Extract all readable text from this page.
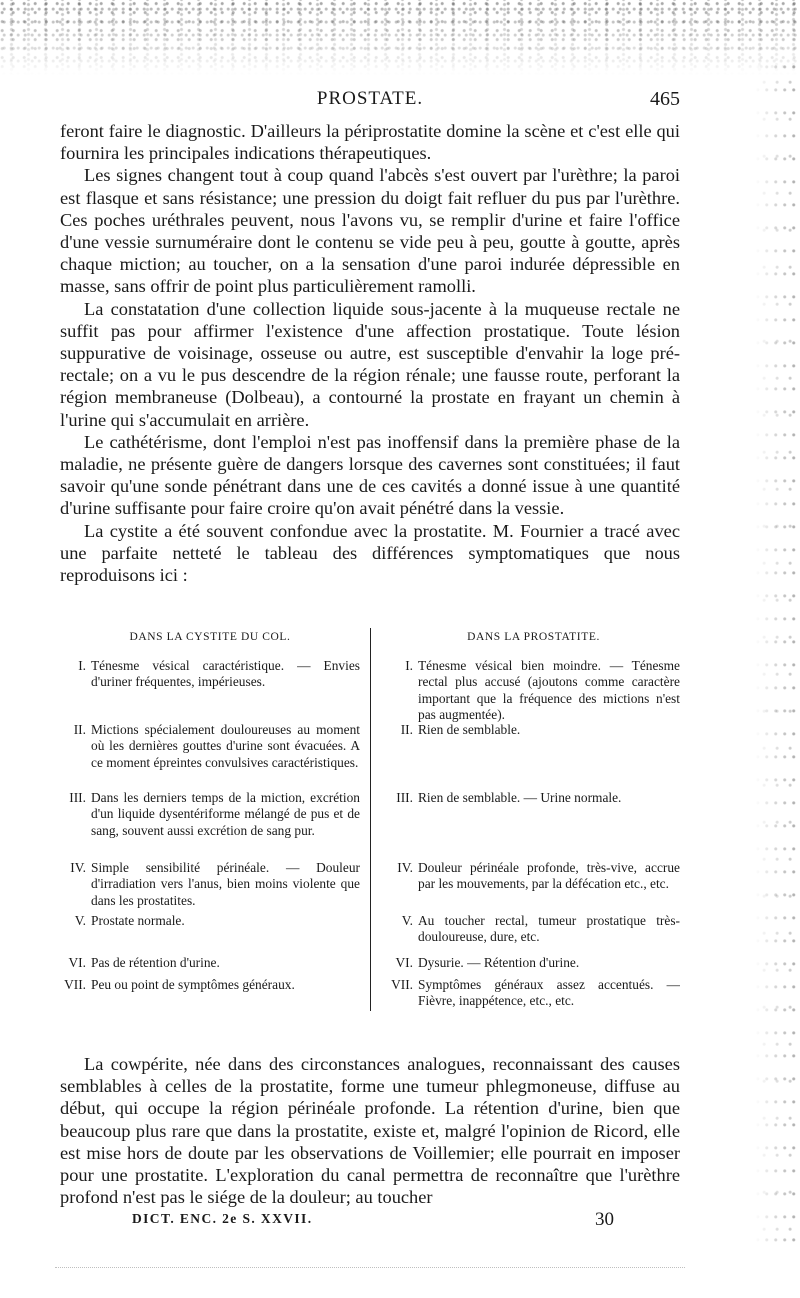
PROSTATE.	465

feront faire le diagnostic. D'ailleurs la périprostatite domine la scène et c'est elle qui fournira les principales indications thérapeutiques.

Les signes changent tout à coup quand l'abcès s'est ouvert par l'urèthre; la paroi est flasque et sans résistance; une pression du doigt fait refluer du pus par l'urèthre. Ces poches uréthrales peuvent, nous l'avons vu, se remplir d'urine et faire l'office d'une vessie surnuméraire dont le contenu se vide peu à peu, goutte à goutte, après chaque miction; au toucher, on a la sensation d'une paroi indurée dépressible en masse, sans offrir de point plus particulièrement ramolli.

La constatation d'une collection liquide sous-jacente à la muqueuse rectale ne suffit pas pour affirmer l'existence d'une affection prostatique. Toute lésion suppurative de voisinage, osseuse ou autre, est susceptible d'envahir la loge pré-rectale; on a vu le pus descendre de la région rénale; une fausse route, perforant la région membraneuse (Dolbeau), a contourné la prostate en frayant un chemin à l'urine qui s'accumulait en arrière.

Le cathétérisme, dont l'emploi n'est pas inoffensif dans la première phase de la maladie, ne présente guère de dangers lorsque des cavernes sont constituées; il faut savoir qu'une sonde pénétrant dans une de ces cavités a donné issue à une quantité d'urine suffisante pour faire croire qu'on avait pénétré dans la vessie.

La cystite a été souvent confondue avec la prostatite. M. Fournier a tracé avec une parfaite netteté le tableau des différences symptomatiques que nous reproduisons ici :

DANS LA CYSTITE DU COL.
I. Ténesme vésical caractéristique. — Envies d'uriner fréquentes, impérieuses.
II. Mictions spécialement douloureuses au moment où les dernières gouttes d'urine sont évacuées. A ce moment épreintes convulsives caractéristiques.
III. Dans les derniers temps de la miction, excrétion d'un liquide dysentériforme mélangé de pus et de sang, souvent aussi excrétion de sang pur.
IV. Simple sensibilité périnéale. — Douleur d'irradiation vers l'anus, bien moins violente que dans les prostatites.
V. Prostate normale.
VI. Pas de rétention d'urine.
VII. Peu ou point de symptômes généraux.
DANS LA PROSTATITE.
I. Ténesme vésical bien moindre. — Ténesme rectal plus accusé (ajoutons comme caractère important que la fréquence des mictions n'est pas augmentée).
II. Rien de semblable.
III. Rien de semblable. — Urine normale.
IV. Douleur périnéale profonde, très-vive, accrue par les mouvements, par la défécation etc., etc.
V. Au toucher rectal, tumeur prostatique très-douloureuse, dure, etc.
VI. Dysurie. — Rétention d'urine.
VII. Symptômes généraux assez accentués. — Fièvre, inappétence, etc., etc.

La cowpérite, née dans des circonstances analogues, reconnaissant des causes semblables à celles de la prostatite, forme une tumeur phlegmoneuse, diffuse au début, qui occupe la région périnéale profonde. La rétention d'urine, bien que beaucoup plus rare que dans la prostatite, existe et, malgré l'opinion de Ricord, elle est mise hors de doute par les observations de Voillemier; elle pourrait en imposer pour une prostatite. L'exploration du canal permettra de reconnaître que l'urèthre profond n'est pas le siége de la douleur; au toucher

DICT. ENC. 2e S. XXVII.	30
